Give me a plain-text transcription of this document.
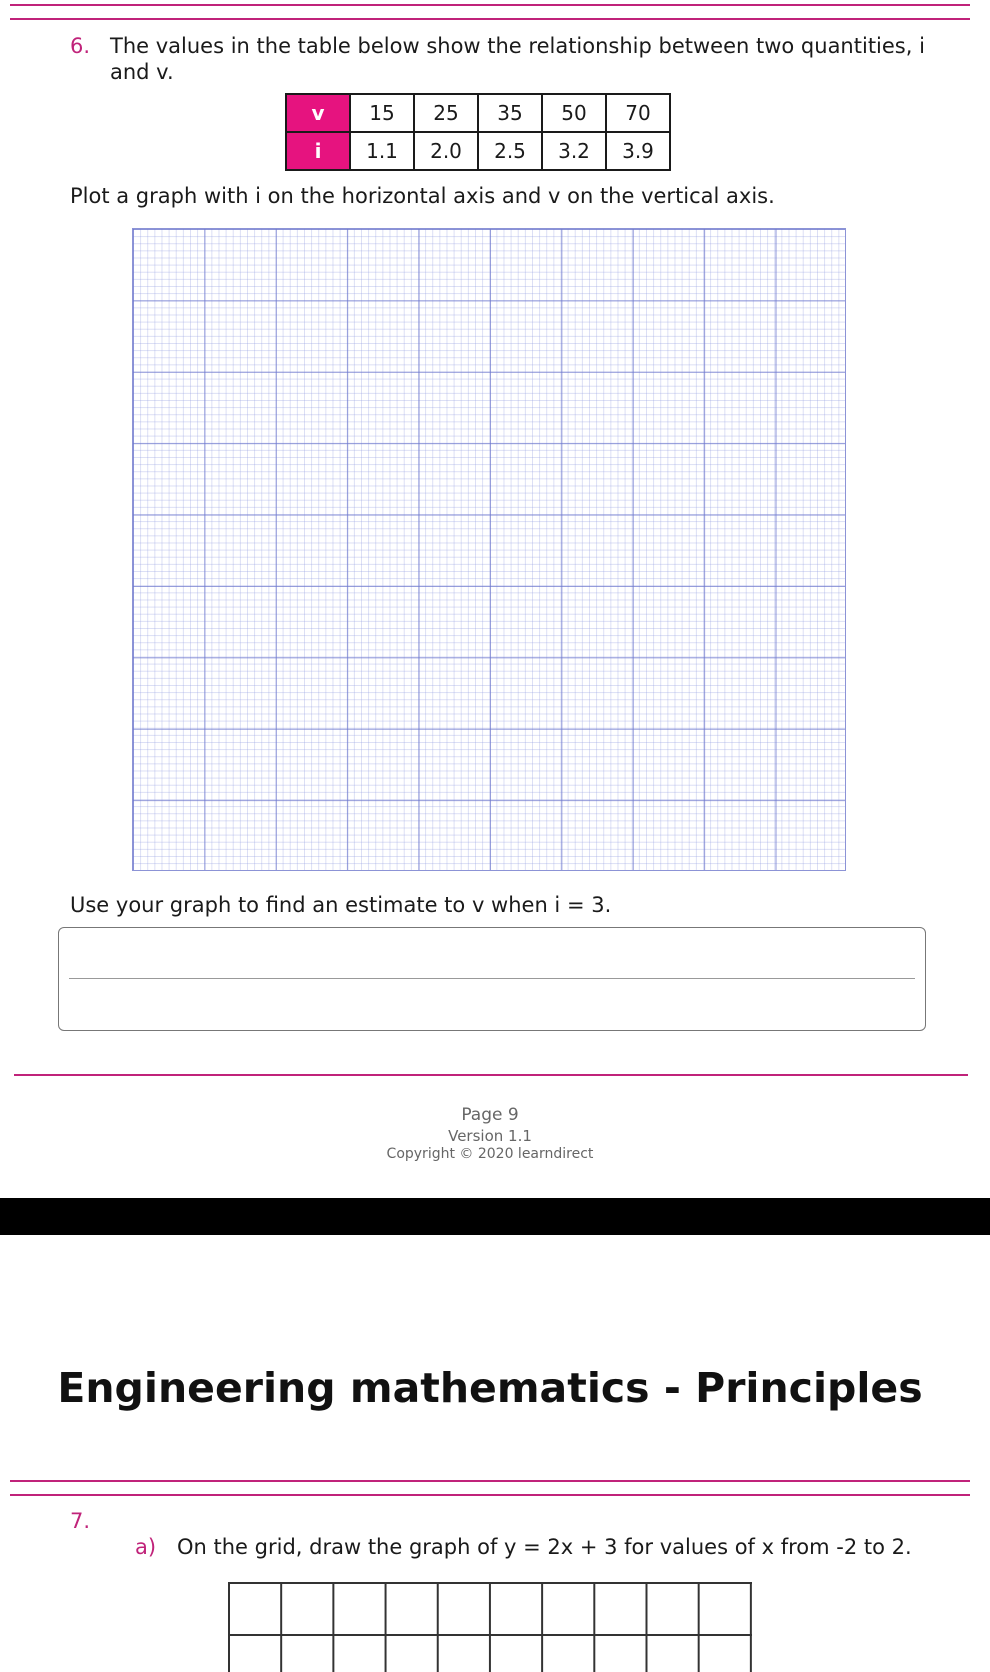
6. The values in the table below show the relationship between two quantities, i
and v.
v	15	25	35	50	70
i	1.1	2.0	2.5	3.2	3.9
Plot a graph with i on the horizontal axis and v on the vertical axis.
Use your graph to find an estimate to v when i = 3.
Page 9
Version 1.1
Copyright © 2020 learndirect
Engineering mathematics - Principles
7.
a) On the grid, draw the graph of y = 2x + 3 for values of x from -2 to 2.
